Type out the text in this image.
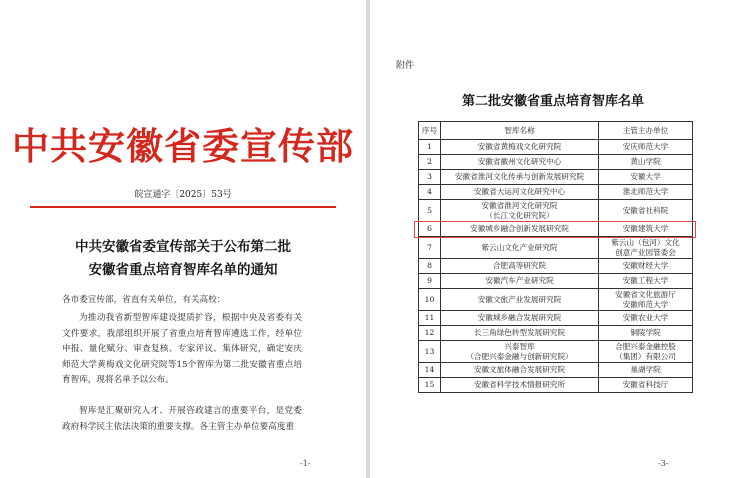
中共安徽省委宣传部
皖宣通字〔2025〕53号
中共安徽省委宣传部关于公布第二批
安徽省重点培育智库名单的通知
各市委宣传部，省直有关单位，有关高校：
为推动我省新型智库建设提质扩容，根据中央及省委有关文件要求，我部组织开展了省重点培育智库遴选工作，经单位申报、量化赋分、审查复核、专家评议、集体研究，确定安庆师范大学黄梅戏文化研究院等15个智库为第二批安徽省重点培育智库，现将名单予以公布。
智库是汇聚研究人才、开展咨政建言的重要平台，是党委政府科学民主依法决策的重要支撑。各主管主办单位要高度重
-1-
附件
第二批安徽省重点培育智库名单
序号	智库名称	主管主办单位
1	安徽省黄梅戏文化研究院	安庆师范大学
2	安徽省徽州文化研究中心	黄山学院
3	安徽省淮河文化传承与创新发展研究院	安徽大学
4	安徽省大运河文化研究中心	淮北师范大学
5	安徽省淮河文化研究院
（长江文化研究院）	安徽省社科院
6	安徽城乡融合创新发展研究院	安徽建筑大学
7	紫云山文化产业研究院	紫云山（包河）文化
创意产业园管委会
8	合肥高等研究院	安徽财经大学
9	安徽汽车产业研究院	安徽工程大学
10	安徽文旅产业发展研究院	安徽省文化旅游厅
安徽师范大学
11	安徽城乡融合发展研究院	安徽农业大学
12	长三角绿色转型发展研究院	铜陵学院
13	兴泰智库
（合肥兴泰金融与创新研究院）	合肥兴泰金融控股
（集团）有限公司
14	安徽文旅体融合发展研究院	巢湖学院
15	安徽省科学技术情报研究所	安徽省科技厅
-3-
